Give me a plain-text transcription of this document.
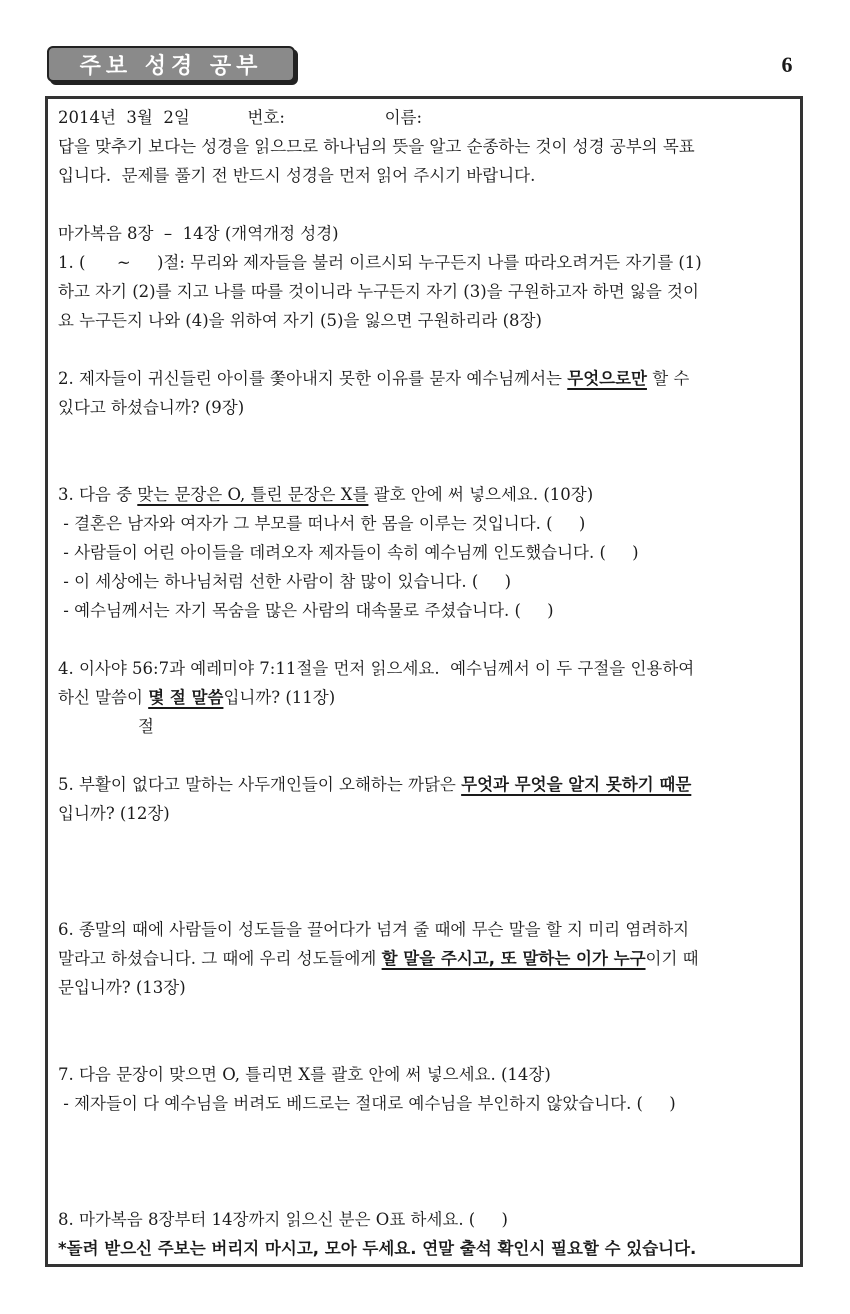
주보 성경 공부	6
2014년  3월  2일           번호:                   이름:
답을 맞추기 보다는 성경을 읽으므로 하나님의 뜻을 알고 순종하는 것이 성경 공부의 목표
입니다.  문제를 풀기 전 반드시 성경을 먼저 읽어 주시기 바랍니다.
마가복음 8장  –  14장 (개역개정 성경)
1. (      ~     )절: 무리와 제자들을 불러 이르시되 누구든지 나를 따라오려거든 자기를 (1)
하고 자기 (2)를 지고 나를 따를 것이니라 누구든지 자기 (3)을 구원하고자 하면 잃을 것이
요 누구든지 나와 (4)을 위하여 자기 (5)을 잃으면 구원하리라 (8장)
2. 제자들이 귀신들린 아이를 쫓아내지 못한 이유를 묻자 예수님께서는 무엇으로만 할 수
있다고 하셨습니까? (9장)
3. 다음 중 맞는 문장은 O, 틀린 문장은 X를 괄호 안에 써 넣으세요. (10장)
- 결혼은 남자와 여자가 그 부모를 떠나서 한 몸을 이루는 것입니다. (     )
- 사람들이 어린 아이들을 데려오자 제자들이 속히 예수님께 인도했습니다. (     )
- 이 세상에는 하나님처럼 선한 사람이 참 많이 있습니다. (     )
- 예수님께서는 자기 목숨을 많은 사람의 대속물로 주셨습니다. (     )
4. 이사야 56:7과 예레미야 7:11절을 먼저 읽으세요.  예수님께서 이 두 구절을 인용하여
하신 말씀이 몇 절 말씀입니까? (11장)
절
5. 부활이 없다고 말하는 사두개인들이 오해하는 까닭은 무엇과 무엇을 알지 못하기 때문
입니까? (12장)
6. 종말의 때에 사람들이 성도들을 끌어다가 넘겨 줄 때에 무슨 말을 할 지 미리 염려하지
말라고 하셨습니다. 그 때에 우리 성도들에게 할 말을 주시고, 또 말하는 이가 누구이기 때
문입니까? (13장)
7. 다음 문장이 맞으면 O, 틀리면 X를 괄호 안에 써 넣으세요. (14장)
- 제자들이 다 예수님을 버려도 베드로는 절대로 예수님을 부인하지 않았습니다. (     )
8. 마가복음 8장부터 14장까지 읽으신 분은 O표 하세요. (     )
*돌려 받으신 주보는 버리지 마시고, 모아 두세요. 연말 출석 확인시 필요할 수 있습니다.
